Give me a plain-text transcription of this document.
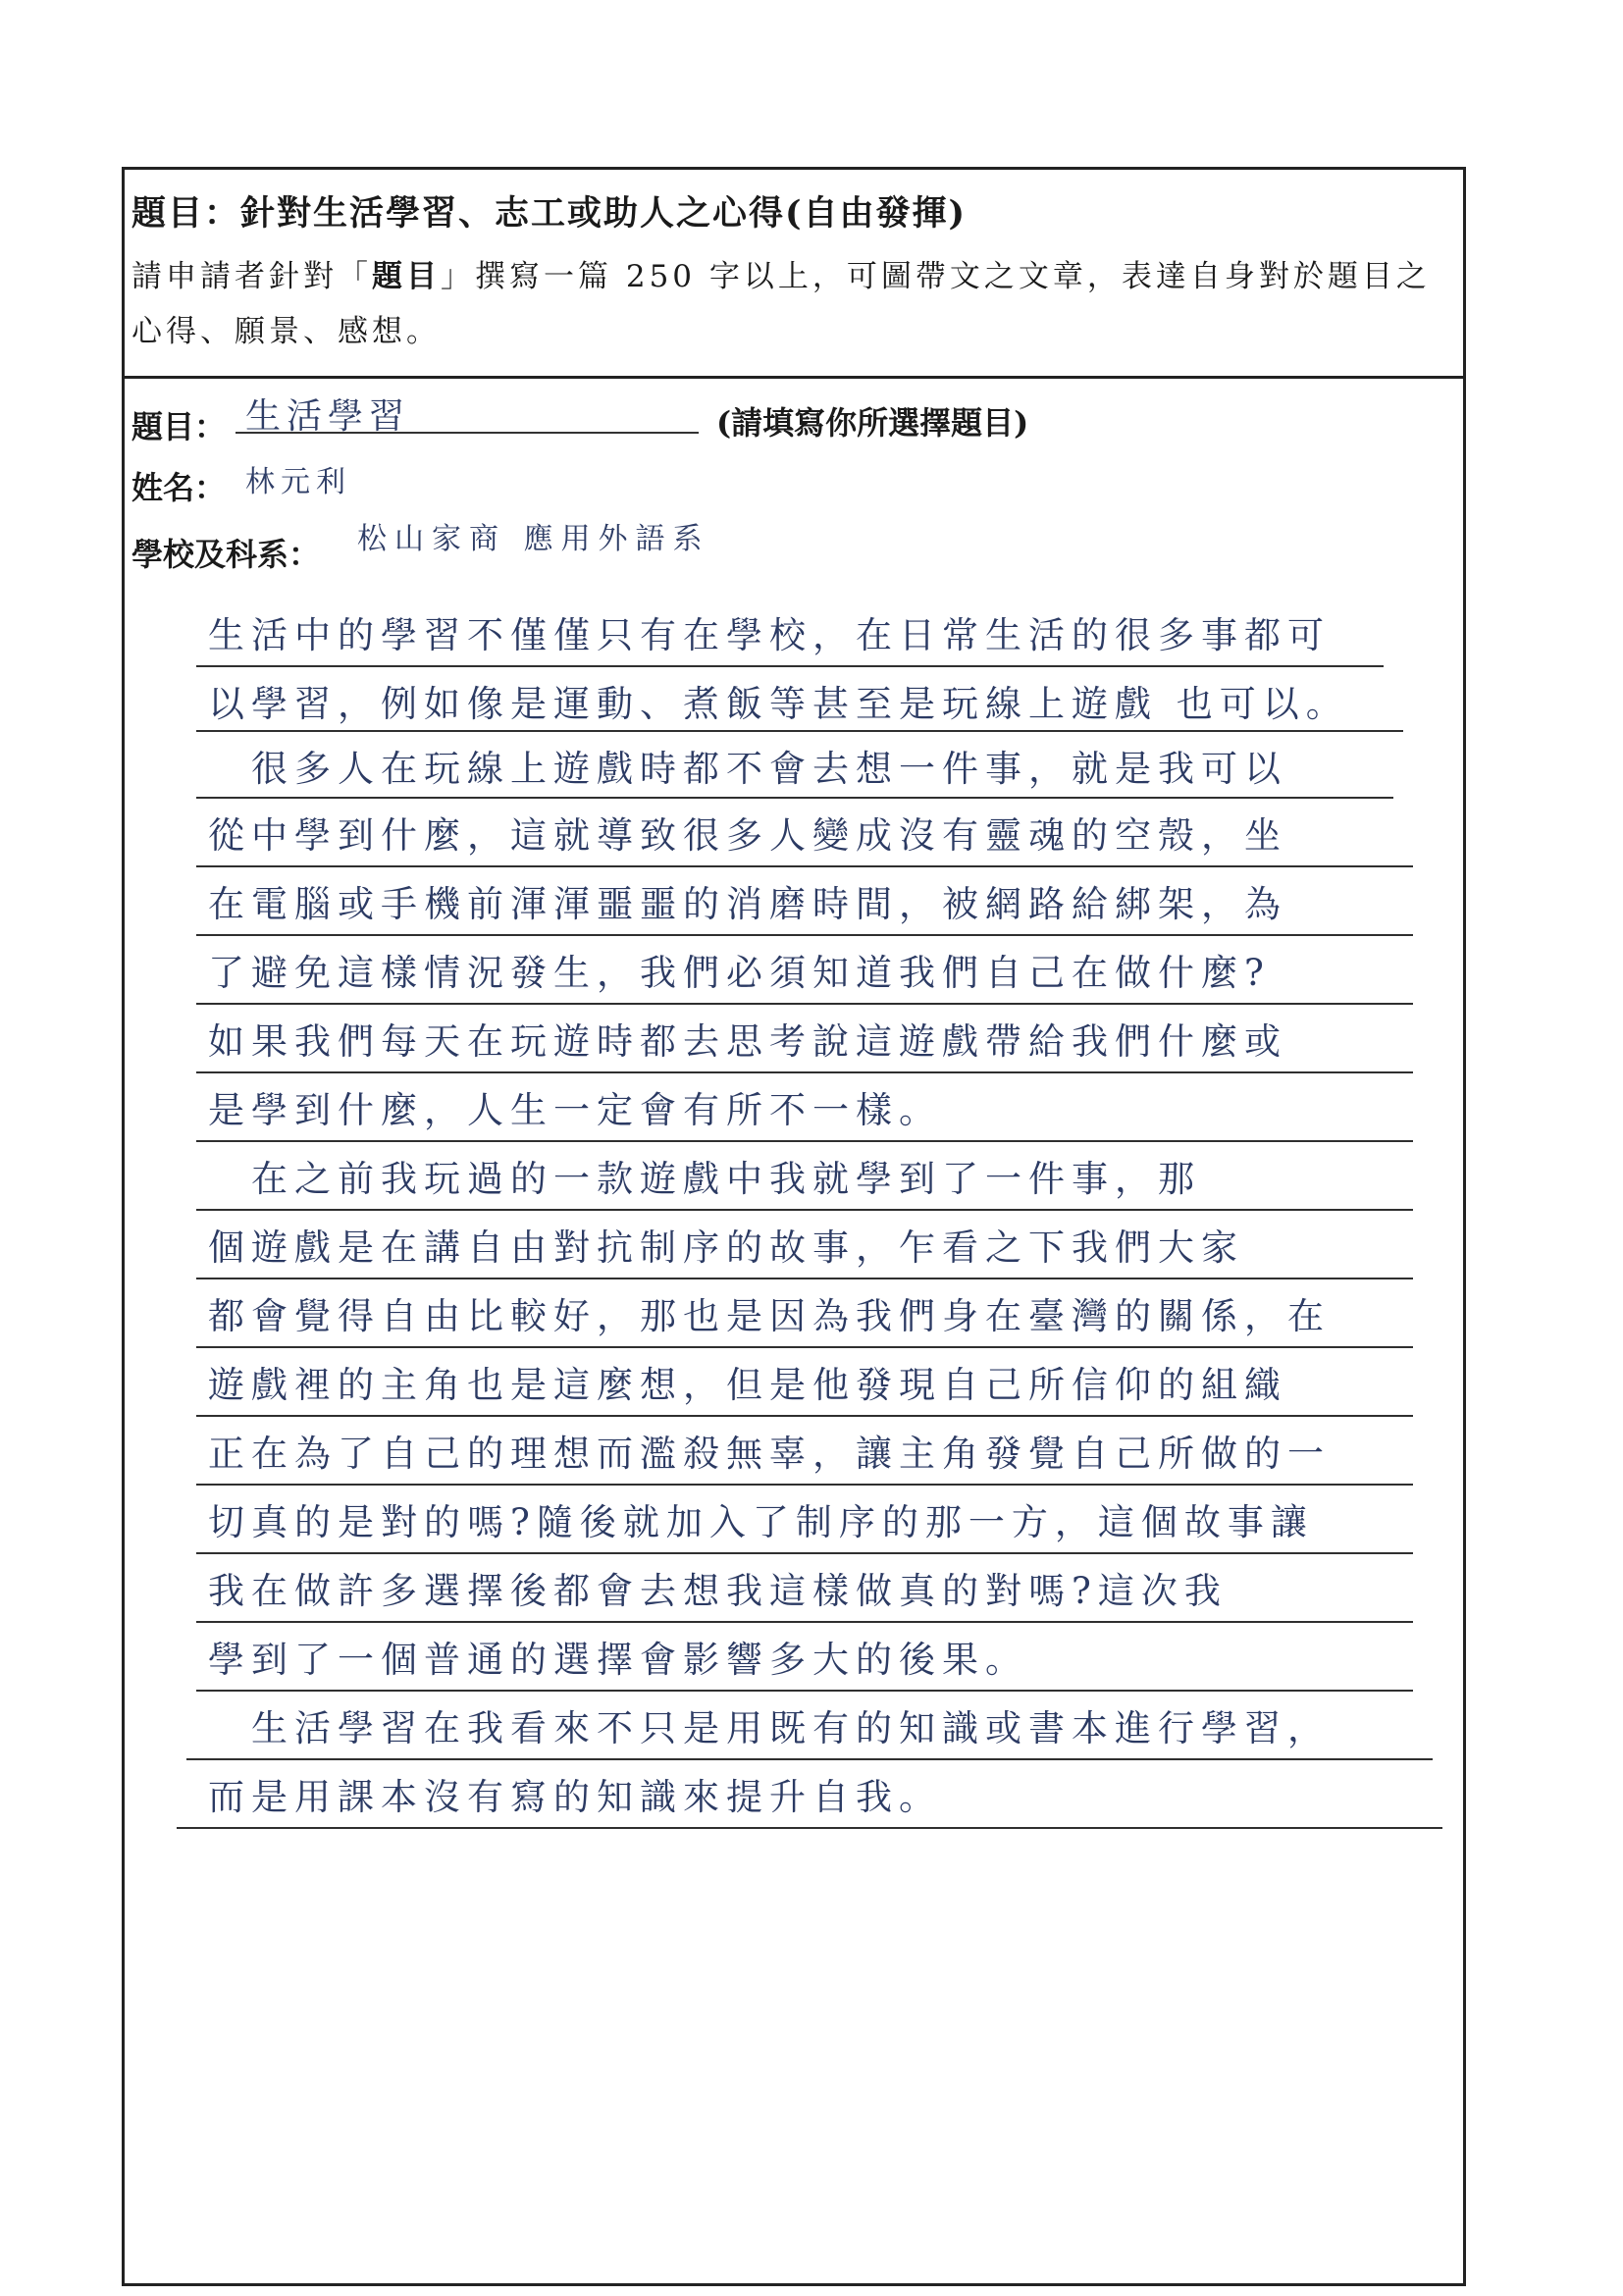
題目：針對生活學習、志工或助人之心得(自由發揮)
請申請者針對「題目」撰寫一篇 250 字以上，可圖帶文之文章，表達自身對於題目之心得、願景、感想。
題目： 生活學習	(請填寫你所選擇題目)
姓名： 林元利
學校及科系： 松山家商 應用外語系
生活中的學習不僅僅只有在學校，在日常生活的很多事都可
以學習，例如像是運動、煮飯等甚至是玩線上遊戲 也可以。
　很多人在玩線上遊戲時都不會去想一件事，就是我可以
從中學到什麼，這就導致很多人變成沒有靈魂的空殼，坐
在電腦或手機前渾渾噩噩的消磨時間，被網路給綁架，為
了避免這樣情況發生，我們必須知道我們自己在做什麼?
如果我們每天在玩遊時都去思考說這遊戲帶給我們什麼或
是學到什麼，人生一定會有所不一樣。
　在之前我玩過的一款遊戲中我就學到了一件事，那
個遊戲是在講自由對抗制序的故事，乍看之下我們大家
都會覺得自由比較好，那也是因為我們身在臺灣的關係，在
遊戲裡的主角也是這麼想，但是他發現自己所信仰的組織
正在為了自己的理想而濫殺無辜，讓主角發覺自己所做的一
切真的是對的嗎?隨後就加入了制序的那一方，這個故事讓
我在做許多選擇後都會去想我這樣做真的對嗎?這次我
學到了一個普通的選擇會影響多大的後果。
　生活學習在我看來不只是用既有的知識或書本進行學習，
而是用課本沒有寫的知識來提升自我。
